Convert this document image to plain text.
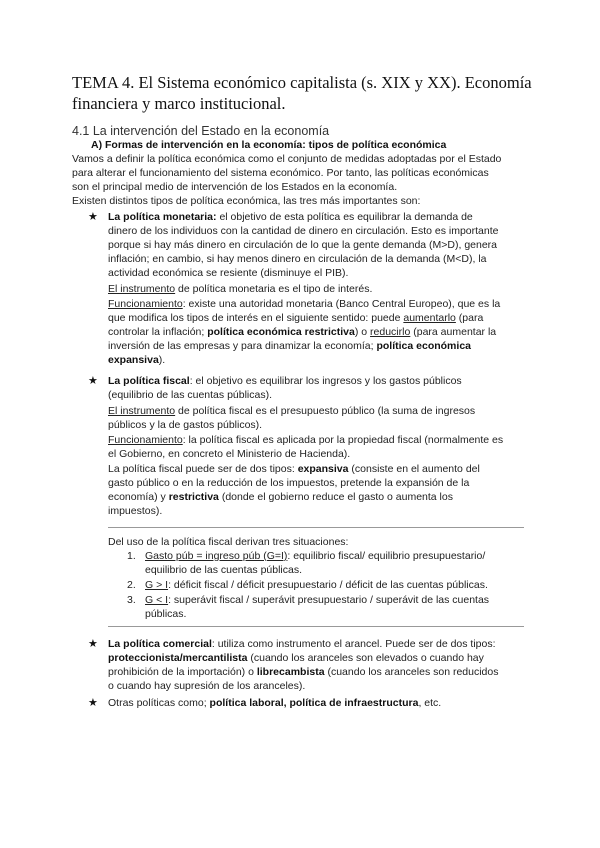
TEMA 4. El Sistema económico capitalista (s. XIX y XX). Economía financiera y marco institucional.
4.1 La intervención del Estado en la economía
A) Formas de intervención en la economía: tipos de política económica
Vamos a definir la política económica como el conjunto de medidas adoptadas por el Estado
para alterar el funcionamiento del sistema económico. Por tanto, las políticas económicas
son el principal medio de intervención de los Estados en la economía.
Existen distintos tipos de política económica, las tres más importantes son:
★ La política monetaria: el objetivo de esta política es equilibrar la demanda de
dinero de los individuos con la cantidad de dinero en circulación. Esto es importante
porque si hay más dinero en circulación de lo que la gente demanda (M>D), genera
inflación; en cambio, si hay menos dinero en circulación de la demanda (M<D), la
actividad económica se resiente (disminuye el PIB).
El instrumento de política monetaria es el tipo de interés.
Funcionamiento: existe una autoridad monetaria (Banco Central Europeo), que es la
que modifica los tipos de interés en el siguiente sentido: puede aumentarlo (para
controlar la inflación; política económica restrictiva) o reducirlo (para aumentar la
inversión de las empresas y para dinamizar la economía; política económica
expansiva).
★ La política fiscal: el objetivo es equilibrar los ingresos y los gastos públicos
(equilibrio de las cuentas públicas).
El instrumento de política fiscal es el presupuesto público (la suma de ingresos
públicos y la de gastos públicos).
Funcionamiento: la política fiscal es aplicada por la propiedad fiscal (normalmente es
el Gobierno, en concreto el Ministerio de Hacienda).
La política fiscal puede ser de dos tipos: expansiva (consiste en el aumento del
gasto público o en la reducción de los impuestos, pretende la expansión de la
economía) y restrictiva (donde el gobierno reduce el gasto o aumenta los
impuestos).
Del uso de la política fiscal derivan tres situaciones:
1. Gasto púb = ingreso púb (G=I): equilibrio fiscal/ equilibrio presupuestario/
equilibrio de las cuentas públicas.
2. G > I: déficit fiscal / déficit presupuestario / déficit de las cuentas públicas.
3. G < I: superávit fiscal / superávit presupuestario / superávit de las cuentas
públicas.
★ La política comercial: utiliza como instrumento el arancel. Puede ser de dos tipos:
proteccionista/mercantilista (cuando los aranceles son elevados o cuando hay
prohibición de la importación) o librecambista (cuando los aranceles son reducidos
o cuando hay supresión de los aranceles).
★ Otras políticas como; política laboral, política de infraestructura, etc.
